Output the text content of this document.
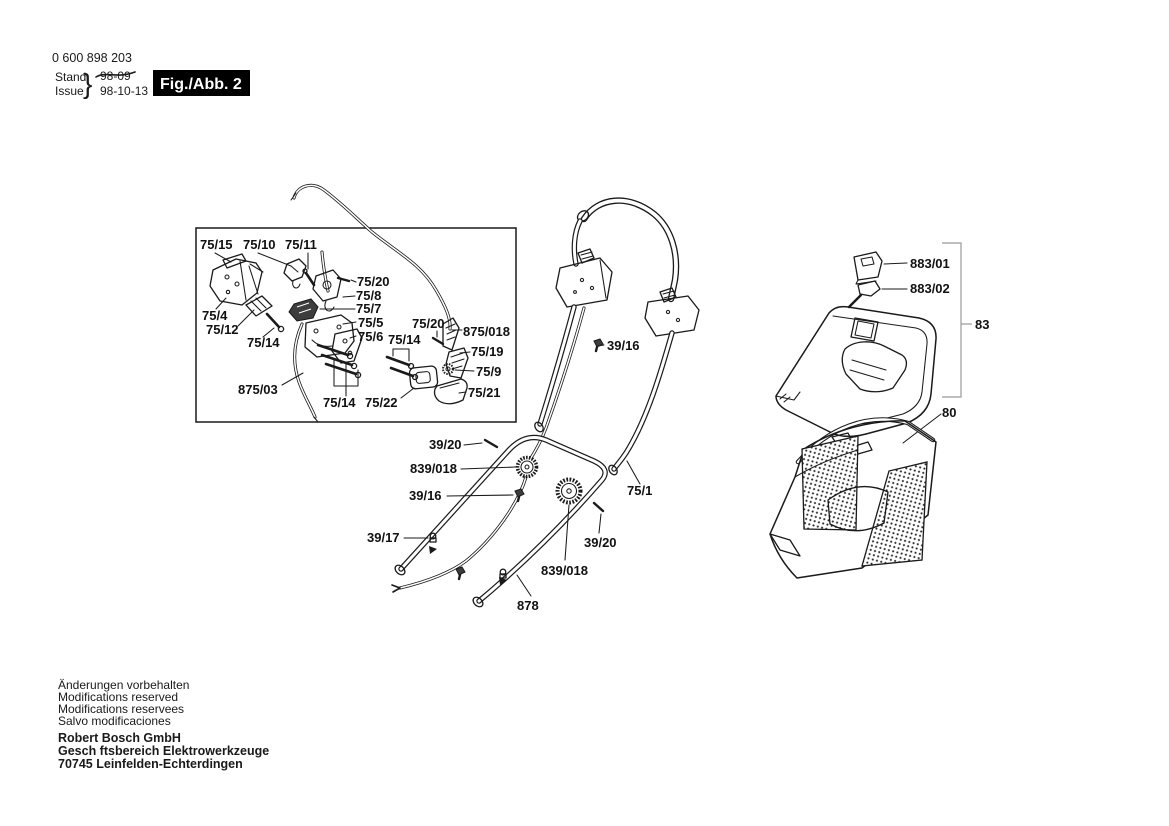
0 600 898 203
Stand
Issue } 98-09
98-10-13 Fig./Abb. 2
75/15 75/10 75/11
75/20
75/8
75/7
75/5
75/6
75/4
75/12
75/14
875/03
75/14 75/22
75/14
75/20
875/018
75/19
75/9
75/21
39/16
39/20
839/018
39/16
39/17
75/1
39/20
839/018
878
883/01
883/02
83
80
Änderungen vorbehalten
Modifications reserved
Modifications reservees
Salvo modificaciones
Robert Bosch GmbH
Gesch ftsbereich Elektrowerkzeuge
70745 Leinfelden-Echterdingen
